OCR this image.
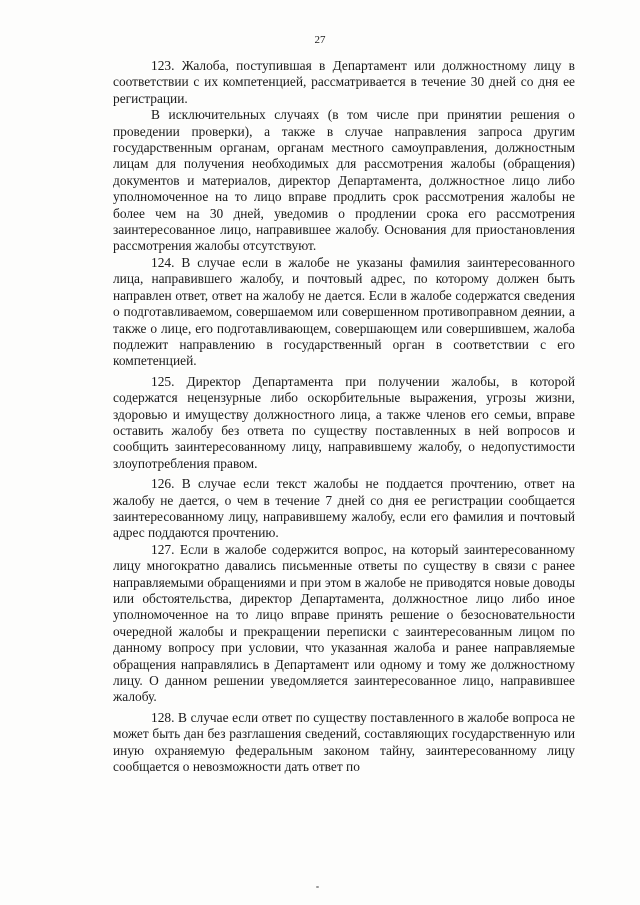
27

123. Жалоба, поступившая в Департамент или должностному лицу в соответствии с их компетенцией, рассматривается в течение 30 дней со дня ее регистрации.

В исключительных случаях (в том числе при принятии решения о проведении проверки), а также в случае направления запроса другим государственным органам, органам местного самоуправления, должностным лицам для получения необходимых для рассмотрения жалобы (обращения) документов и материалов, директор Департамента, должностное лицо либо уполномоченное на то лицо вправе продлить срок рассмотрения жалобы не более чем на 30 дней, уведомив о продлении срока его рассмотрения заинтересованное лицо, направившее жалобу. Основания для приостановления рассмотрения жалобы отсутствуют.

124. В случае если в жалобе не указаны фамилия заинтересованного лица, направившего жалобу, и почтовый адрес, по которому должен быть направлен ответ, ответ на жалобу не дается. Если в жалобе содержатся сведения о подготавливаемом, совершаемом или совершенном противоправном деянии, а также о лице, его подготавливающем, совершающем или совершившем, жалоба подлежит направлению в государственный орган в соответствии с его компетенцией.

125. Директор Департамента при получении жалобы, в которой содержатся нецензурные либо оскорбительные выражения, угрозы жизни, здоровью и имуществу должностного лица, а также членов его семьи, вправе оставить жалобу без ответа по существу поставленных в ней вопросов и сообщить заинтересованному лицу, направившему жалобу, о недопустимости злоупотребления правом.

126. В случае если текст жалобы не поддается прочтению, ответ на жалобу не дается, о чем в течение 7 дней со дня ее регистрации сообщается заинтересованному лицу, направившему жалобу, если его фамилия и почтовый адрес поддаются прочтению.

127. Если в жалобе содержится вопрос, на который заинтересованному лицу многократно давались письменные ответы по существу в связи с ранее направляемыми обращениями и при этом в жалобе не приводятся новые доводы или обстоятельства, директор Департамента, должностное лицо либо иное уполномоченное на то лицо вправе принять решение о безосновательности очередной жалобы и прекращении переписки с заинтересованным лицом по данному вопросу при условии, что указанная жалоба и ранее направляемые обращения направлялись в Департамент или одному и тому же должностному лицу. О данном решении уведомляется заинтересованное лицо, направившее жалобу.

128. В случае если ответ по существу поставленного в жалобе вопроса не может быть дан без разглашения сведений, составляющих государственную или иную охраняемую федеральным законом тайну, заинтересованному лицу сообщается о невозможности дать ответ по
